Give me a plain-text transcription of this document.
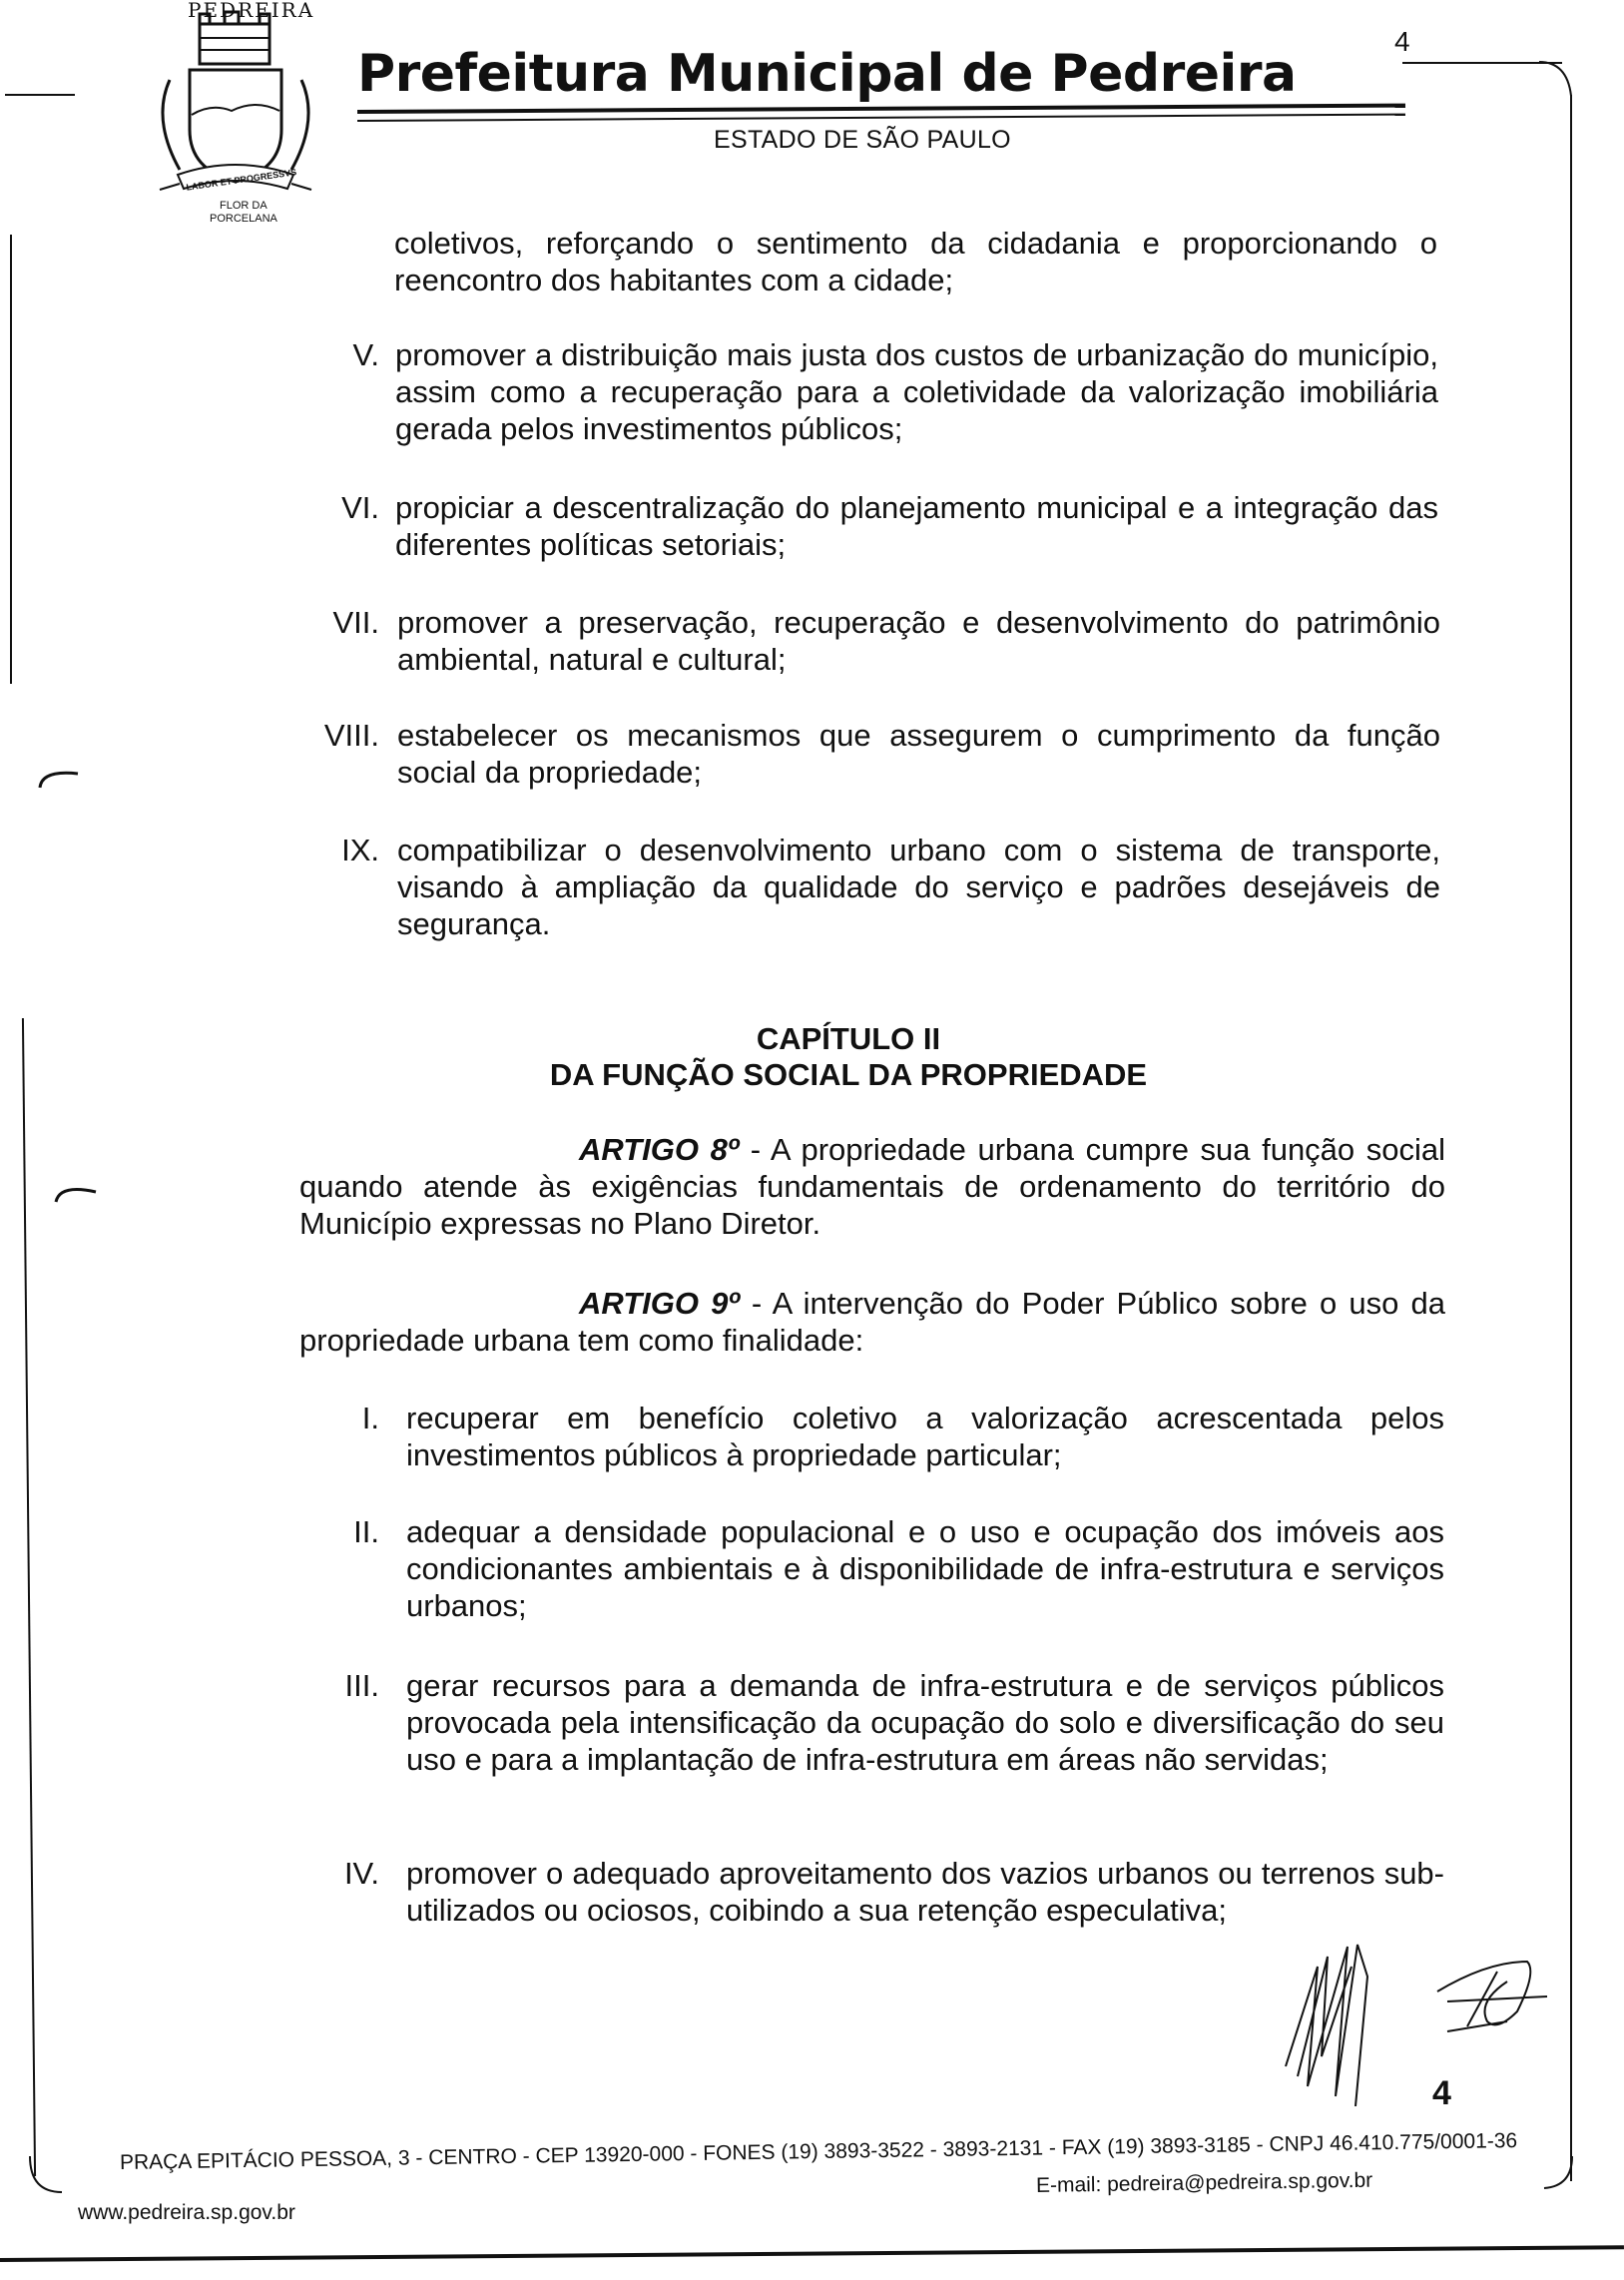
PEDREIRA
LABOR ET PROGRESSVS
FLOR DA
PORCELANA
Prefeitura Municipal de Pedreira
4
ESTADO DE SÃO PAULO
coletivos, reforçando o sentimento da cidadania e proporcionando o reencontro dos habitantes com a cidade;
V. promover a distribuição mais justa dos custos de urbanização do município, assim como a recuperação para a coletividade da valorização imobiliária gerada pelos investimentos públicos;
VI. propiciar a descentralização do planejamento municipal e a integração das diferentes políticas setoriais;
VII. promover a preservação, recuperação e desenvolvimento do patrimônio ambiental, natural e cultural;
VIII. estabelecer os mecanismos que assegurem o cumprimento da função social da propriedade;
IX. compatibilizar o desenvolvimento urbano com o sistema de transporte, visando à ampliação da qualidade do serviço e padrões desejáveis de segurança.
CAPÍTULO II
DA FUNÇÃO SOCIAL DA PROPRIEDADE
ARTIGO 8º - A propriedade urbana cumpre sua função social quando atende às exigências fundamentais de ordenamento do território do Município expressas no Plano Diretor.
ARTIGO 9º - A intervenção do Poder Público sobre o uso da propriedade urbana tem como finalidade:
I. recuperar em benefício coletivo a valorização acrescentada pelos investimentos públicos à propriedade particular;
II. adequar a densidade populacional e o uso e ocupação dos imóveis aos condicionantes ambientais e à disponibilidade de infra-estrutura e serviços urbanos;
III. gerar recursos para a demanda de infra-estrutura e de serviços públicos provocada pela intensificação da ocupação do solo e diversificação do seu uso e para a implantação de infra-estrutura em áreas não servidas;
IV. promover o adequado aproveitamento dos vazios urbanos ou terrenos sub-utilizados ou ociosos, coibindo a sua retenção especulativa;
4
PRAÇA EPITÁCIO PESSOA, 3 - CENTRO - CEP 13920-000 - FONES (19) 3893-3522 - 3893-2131 - FAX (19) 3893-3185 - CNPJ 46.410.775/0001-36
E-mail: pedreira@pedreira.sp.gov.br
www.pedreira.sp.gov.br
